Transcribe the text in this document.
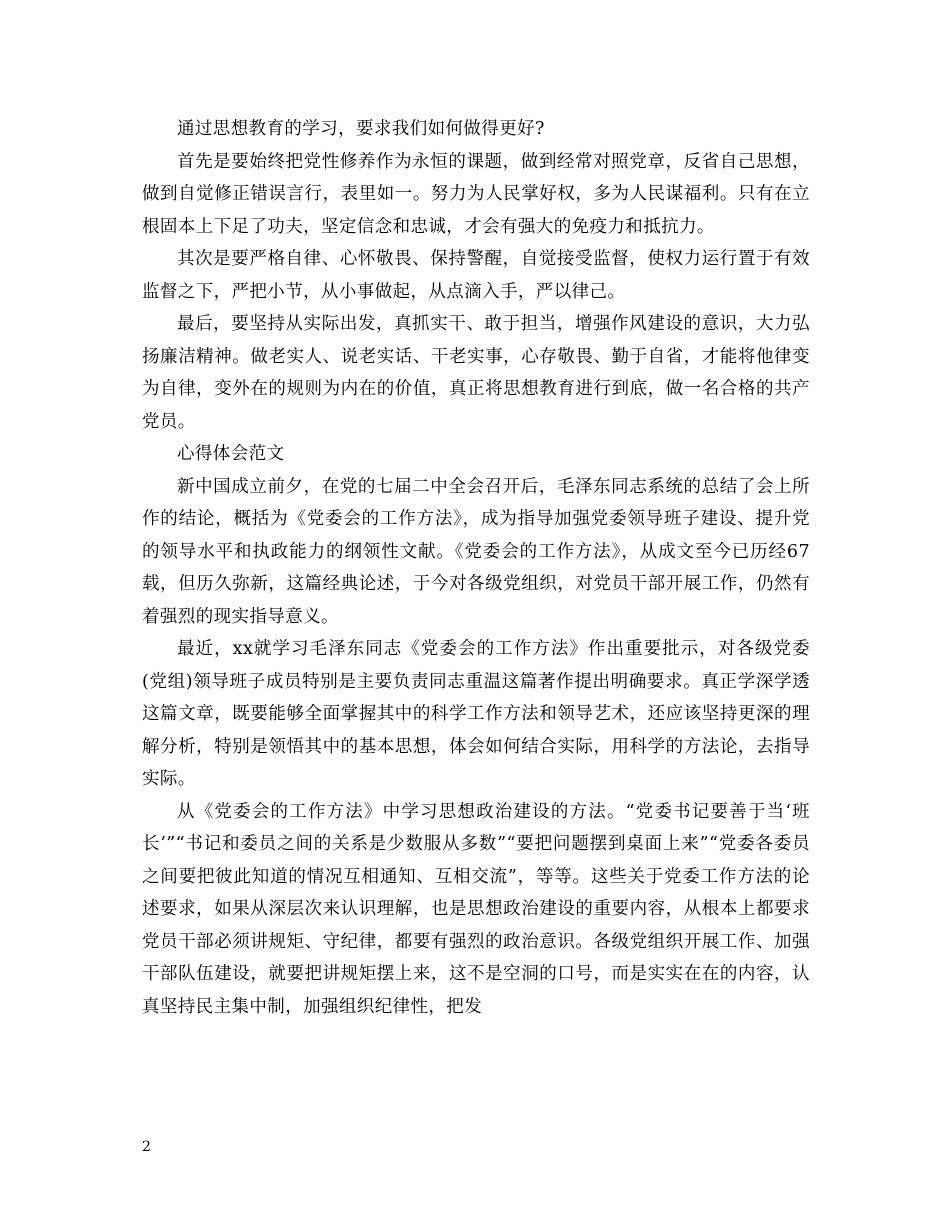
通过思想教育的学习，要求我们如何做得更好?

首先是要始终把党性修养作为永恒的课题，做到经常对照党章，反省自己思想，做到自觉修正错误言行，表里如一。努力为人民掌好权，多为人民谋福利。只有在立根固本上下足了功夫，坚定信念和忠诚，才会有强大的免疫力和抵抗力。

其次是要严格自律、心怀敬畏、保持警醒，自觉接受监督，使权力运行置于有效监督之下，严把小节，从小事做起，从点滴入手，严以律己。

最后，要坚持从实际出发，真抓实干、敢于担当，增强作风建设的意识，大力弘扬廉洁精神。做老实人、说老实话、干老实事，心存敬畏、勤于自省，才能将他律变为自律，变外在的规则为内在的价值，真正将思想教育进行到底，做一名合格的共产党员。

心得体会范文

新中国成立前夕，在党的七届二中全会召开后，毛泽东同志系统的总结了会上所作的结论，概括为《党委会的工作方法》，成为指导加强党委领导班子建设、提升党的领导水平和执政能力的纲领性文献。《党委会的工作方法》，从成文至今已历经67载，但历久弥新，这篇经典论述，于今对各级党组织，对党员干部开展工作，仍然有着强烈的现实指导意义。

最近，xx就学习毛泽东同志《党委会的工作方法》作出重要批示，对各级党委(党组)领导班子成员特别是主要负责同志重温这篇著作提出明确要求。真正学深学透这篇文章，既要能够全面掌握其中的科学工作方法和领导艺术，还应该坚持更深的理解分析，特别是领悟其中的基本思想，体会如何结合实际，用科学的方法论，去指导实际。

从《党委会的工作方法》中学习思想政治建设的方法。“党委书记要善于当‘班长’”“书记和委员之间的关系是少数服从多数”“要把问题摆到桌面上来”“党委各委员之间要把彼此知道的情况互相通知、互相交流”，等等。这些关于党委工作方法的论述要求，如果从深层次来认识理解，也是思想政治建设的重要内容，从根本上都要求党员干部必须讲规矩、守纪律，都要有强烈的政治意识。各级党组织开展工作、加强干部队伍建设，就要把讲规矩摆上来，这不是空洞的口号，而是实实在在的内容，认真坚持民主集中制，加强组织纪律性，把发

2
